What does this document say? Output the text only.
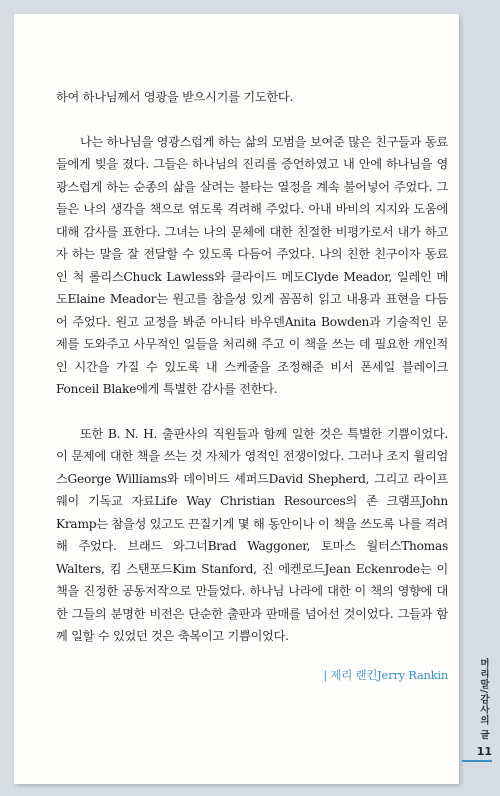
하여 하나님께서 영광을 받으시기를 기도한다.

나는 하나님을 영광스럽게 하는 삶의 모범을 보여준 많은 친구들과 동료들에게 빚을 졌다. 그들은 하나님의 진리를 증언하였고 내 안에 하나님을 영광스럽게 하는 순종의 삶을 살려는 불타는 열정을 계속 불어넣어 주었다. 그들은 나의 생각을 책으로 엮도록 격려해 주었다. 아내 바비의 지지와 도움에 대해 감사를 표한다. 그녀는 나의 문체에 대한 친절한 비평가로서 내가 하고자 하는 말을 잘 전달할 수 있도록 다듬어 주었다. 나의 친한 친구이자 동료인 척 롤리스Chuck Lawless와 클라이드 메도Clyde Meador, 일레인 메도Elaine Meador는 원고를 참을성 있게 꼼꼼히 읽고 내용과 표현을 다듬어 주었다. 원고 교정을 봐준 아니타 바우덴Anita Bowden과 기술적인 문제를 도와주고 사무적인 일들을 처리해 주고 이 책을 쓰는 데 필요한 개인적인 시간을 가질 수 있도록 내 스케줄을 조정해준 비서 폰세일 블레이크Fonceil Blake에게 특별한 감사를 전한다.

또한 B. N. H. 출판사의 직원들과 함께 일한 것은 특별한 기쁨이었다. 이 문제에 대한 책을 쓰는 것 자체가 영적인 전쟁이었다. 그러나 조지 윌리엄스George Williams와 데이비드 셰퍼드David Shepherd, 그리고 라이프웨이 기독교 자료Life Way Christian Resources의 존 크램프John Kramp는 참을성 있고도 끈질기게 몇 해 동안이나 이 책을 쓰도록 나를 격려해 주었다. 브래드 와그너Brad Waggoner, 토마스 월터스Thomas Walters, 킴 스탠포드Kim Stanford, 진 에켄로드Jean Eckenrode는 이 책을 진정한 공동저작으로 만들었다. 하나님 나라에 대한 이 책의 영향에 대한 그들의 분명한 비전은 단순한 출판과 판매를 넘어선 것이었다. 그들과 함께 일할 수 있었던 것은 축복이고 기쁨이었다.

| 제리 랜킨Jerry Rankin	머리말/감사의 글
11
